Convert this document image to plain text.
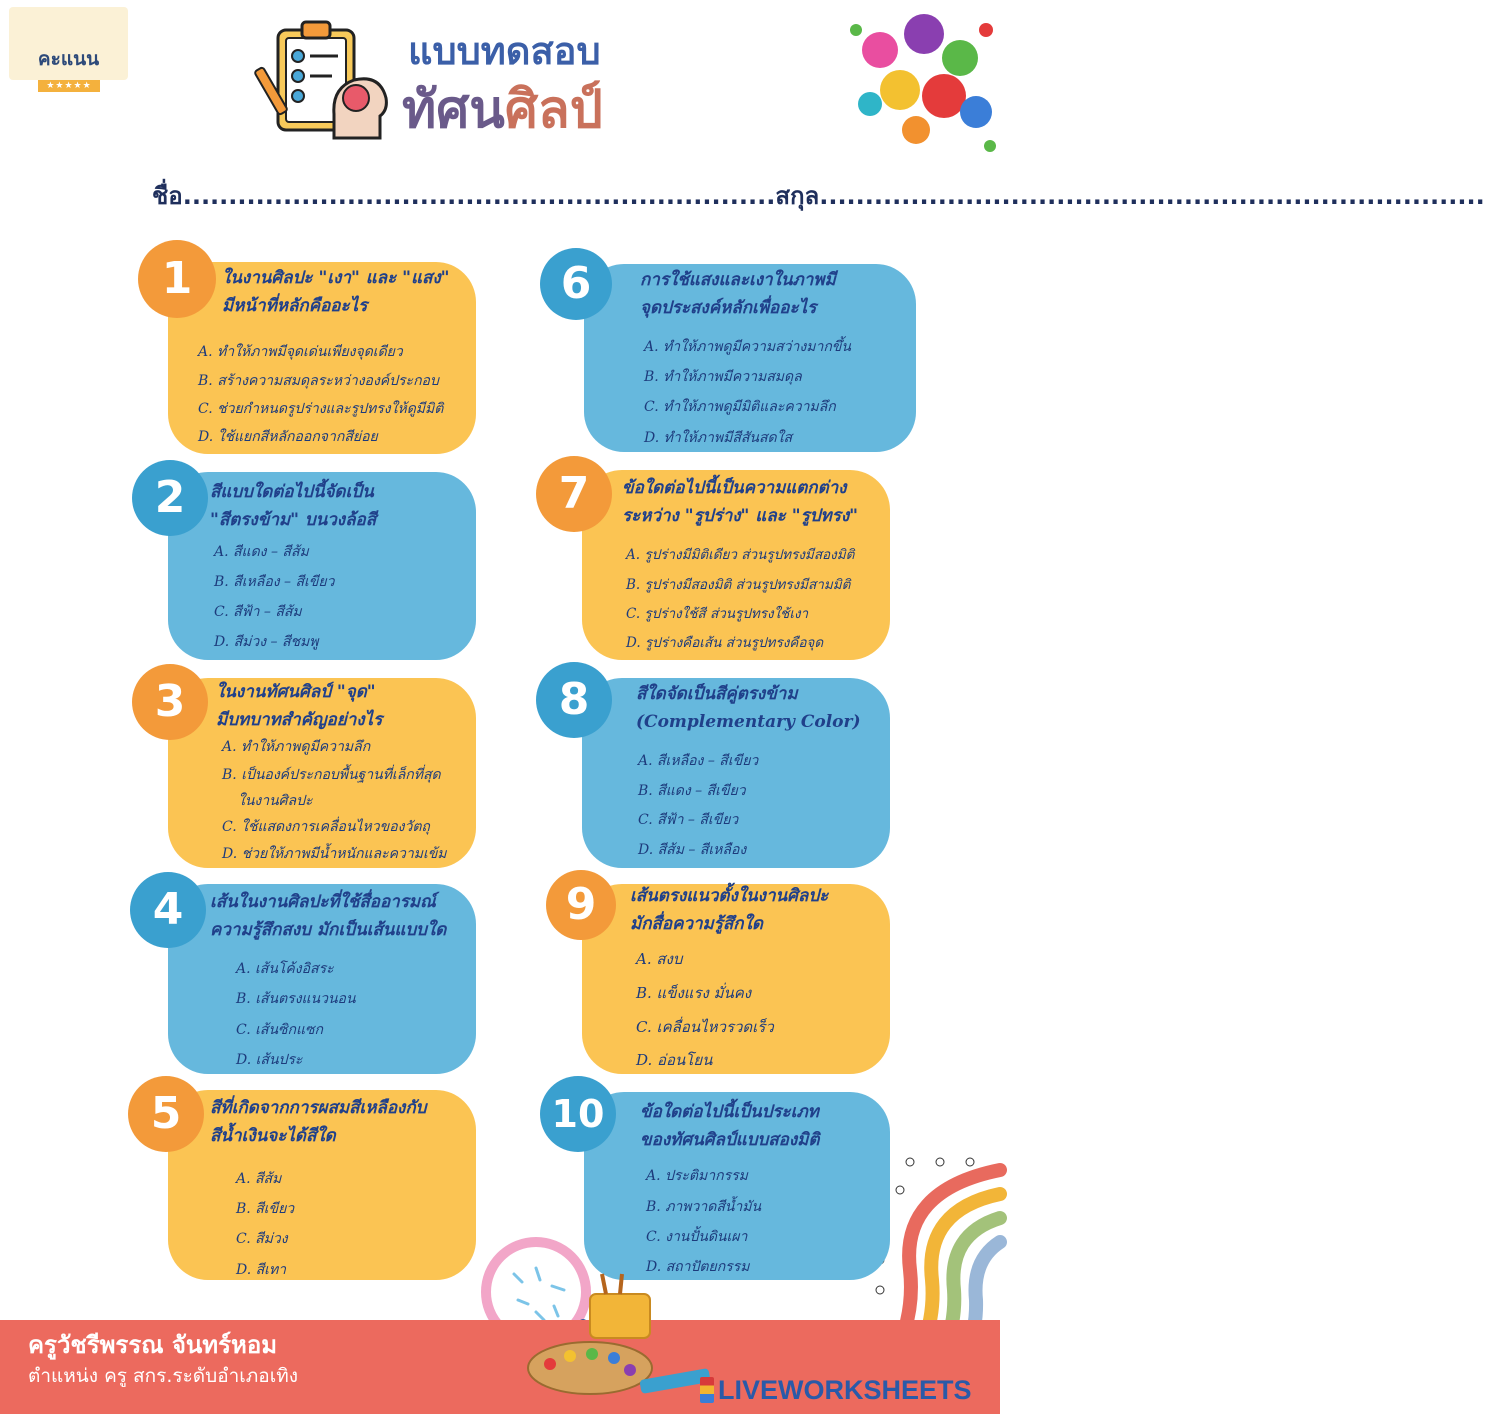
คะแนน
★★★★★
แบบทดสอบ
ทัศนศิลป์
ชื่อ.................................................................สกุล.........................................................................
1	ในงานศิลปะ "เงา" และ "แสง"
มีหน้าที่หลักคืออะไร
A. ทำให้ภาพมีจุดเด่นเพียงจุดเดียว
B. สร้างความสมดุลระหว่างองค์ประกอบ
C. ช่วยกำหนดรูปร่างและรูปทรงให้ดูมีมิติ
D. ใช้แยกสีหลักออกจากสีย่อย
2	สีแบบใดต่อไปนี้จัดเป็น
"สีตรงข้าม" บนวงล้อสี
A. สีแดง – สีส้ม
B. สีเหลือง – สีเขียว
C. สีฟ้า – สีส้ม
D. สีม่วง – สีชมพู
3	ในงานทัศนศิลป์ "จุด"
มีบทบาทสำคัญอย่างไร
A. ทำให้ภาพดูมีความลึก
B. เป็นองค์ประกอบพื้นฐานที่เล็กที่สุด
ในงานศิลปะ
C. ใช้แสดงการเคลื่อนไหวของวัตถุ
D. ช่วยให้ภาพมีน้ำหนักและความเข้ม
4	เส้นในงานศิลปะที่ใช้สื่ออารมณ์
ความรู้สึกสงบ มักเป็นเส้นแบบใด
A. เส้นโค้งอิสระ
B. เส้นตรงแนวนอน
C. เส้นซิกแซก
D. เส้นประ
5	สีที่เกิดจากการผสมสีเหลืองกับ
สีน้ำเงินจะได้สีใด
A. สีส้ม
B. สีเขียว
C. สีม่วง
D. สีเทา
6	การใช้แสงและเงาในภาพมี
จุดประสงค์หลักเพื่ออะไร
A. ทำให้ภาพดูมีความสว่างมากขึ้น
B. ทำให้ภาพมีความสมดุล
C. ทำให้ภาพดูมีมิติและความลึก
D. ทำให้ภาพมีสีสันสดใส
7	ข้อใดต่อไปนี้เป็นความแตกต่าง
ระหว่าง "รูปร่าง" และ "รูปทรง"
A. รูปร่างมีมิติเดียว ส่วนรูปทรงมีสองมิติ
B. รูปร่างมีสองมิติ ส่วนรูปทรงมีสามมิติ
C. รูปร่างใช้สี ส่วนรูปทรงใช้เงา
D. รูปร่างคือเส้น ส่วนรูปทรงคือจุด
8	สีใดจัดเป็นสีคู่ตรงข้าม
(Complementary Color)
A. สีเหลือง – สีเขียว
B. สีแดง – สีเขียว
C. สีฟ้า – สีเขียว
D. สีส้ม – สีเหลือง
9	เส้นตรงแนวตั้งในงานศิลปะ
มักสื่อความรู้สึกใด
A. สงบ
B. แข็งแรง มั่นคง
C. เคลื่อนไหวรวดเร็ว
D. อ่อนโยน
10	ข้อใดต่อไปนี้เป็นประเภท
ของทัศนศิลป์แบบสองมิติ
A. ประติมากรรม
B. ภาพวาดสีน้ำมัน
C. งานปั้นดินเผา
D. สถาปัตยกรรม
ครูวัชรีพรรณ จันทร์หอม
ตำแหน่ง ครู สกร.ระดับอำเภอเทิง	LIVEWORKSHEETS
